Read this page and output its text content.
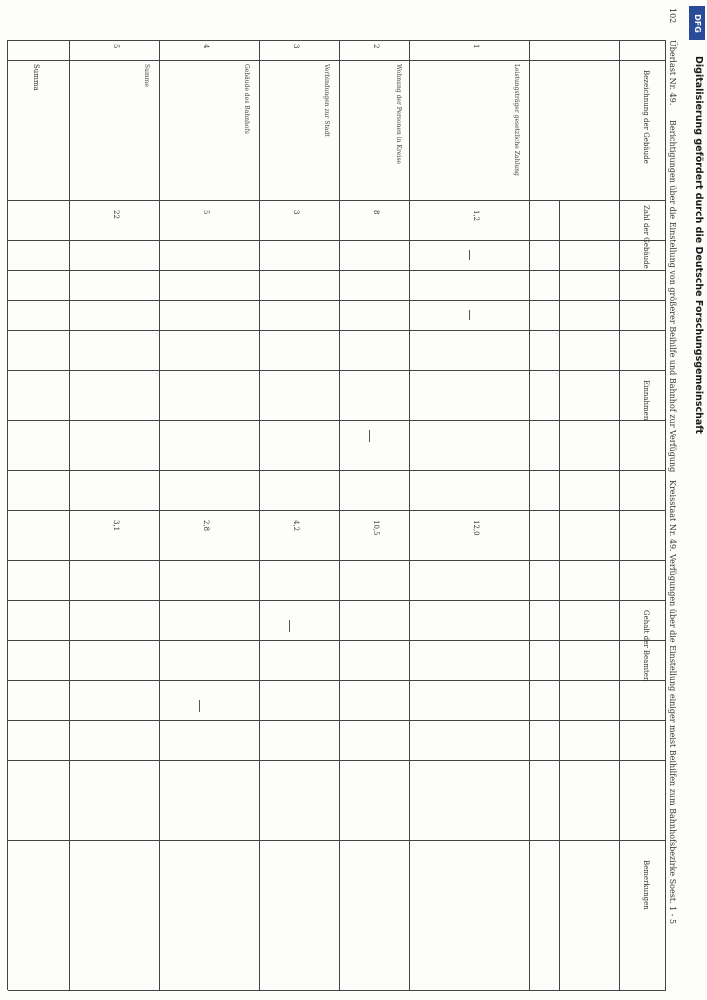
DFG
Digitalisierung gefördert durch die Deutsche Forschungsgemeinschaft
102
Überlast Nr. 49.
Berichtigungen über die Einstellung von größerer Beihilfe und Bahnhof zur Verfügung
Kreisstaat Nr. 49. Verfügungen über die Einstellung einiger meist Beihilfen zum Bahnhofsbezirke Soest. 1 - 5
Bezeichnung der Gebäude
Zahl der Gebäude
Einnahmen
Gehalt der Beamten
Bemerkungen
1
Leistungsträger gesetzliche Zahlung
1,2
12,0
2
Wohnung der Personen in Kreise
8
10,5
3
Verbindungen zur Stadt
3
4,2
4
Gebäude des Bahnhofs
5
2,8
5
Summe
22
3,1
Summa
